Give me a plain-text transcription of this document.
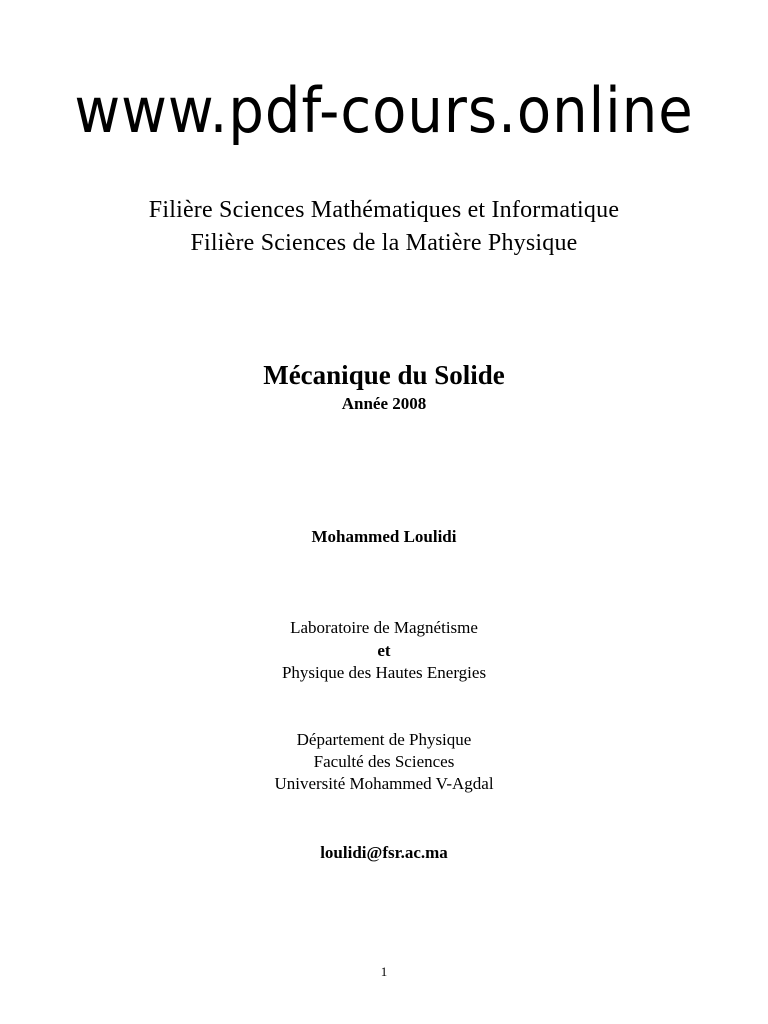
www.pdf-cours.online
Filière Sciences Mathématiques et Informatique
Filière Sciences de la Matière Physique
Mécanique du Solide
Année 2008
Mohammed Loulidi
Laboratoire de Magnétisme
et
Physique des Hautes Energies
Département de Physique
Faculté des Sciences
Université Mohammed V-Agdal
loulidi@fsr.ac.ma
1
